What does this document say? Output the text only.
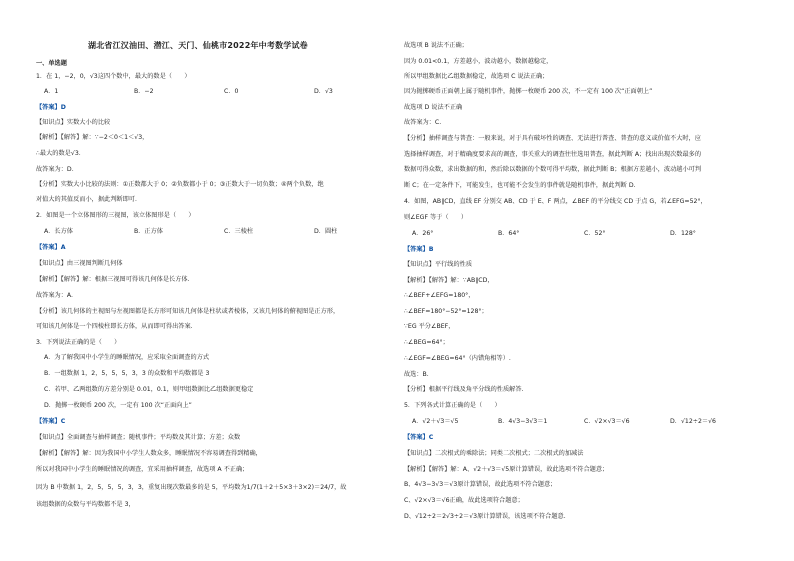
湖北省江汉油田、潜江、天门、仙桃市2022年中考数学试卷
一、单选题
1．在 1，−2，0，√3这四个数中，最大的数是（　　）
A．1	B．−2	C．0	D．√3
【答案】D
【知识点】实数大小的比较
【解析】【解答】解：∵−2＜0＜1＜√3，
∴最大的数是√3．
故答案为：D．
【分析】实数大小比较的法则：①正数都大于 0；②负数都小于 0；③正数大于一切负数；④两个负数，绝
对值大的其值反而小，据此判断即可．
2．如图是一个立体图形的三视图，该立体图形是（　　）
A．长方体	B．正方体	C．三棱柱	D．圆柱
【答案】A
【知识点】由三视图判断几何体
【解析】【解答】解：根据三视图可得该几何体是长方体.
故答案为：A.
【分析】该几何体的主视图与左视图都是长方形可知该几何体是柱状或者棱体，又该几何体的俯视图是正方形，
可知该几何体是一个四棱柱即长方体，从而即可得出答案.
3．下列说法正确的是（　　）
A．为了解我国中小学生的睡眠情况，应采取全面调查的方式
B．一组数据 1，2，5，5，5，3，3 的众数和平均数都是 3
C．若甲、乙两组数的方差分别是 0.01，0.1，则甲组数据比乙组数据更稳定
D．抛掷一枚硬币 200 次，一定有 100 次“正面向上”
【答案】C
【知识点】全面调查与抽样调查；随机事件；平均数及其计算；方差；众数
【解析】【解答】解：因为我国中小学生人数众多，睡眠情况不容易调查得到精确，
所以对我国中小学生的睡眠情况的调查，宜采用抽样调查，故选项 A 不正确；
因为 B 中数据 1，2，5，5，5，3，3，重复出现次数最多的是 5，平均数为1/7(1＋2＋5×3＋3×2)＝24/7，故
该组数据的众数与平均数都不是 3，
故选项 B 说法不正确；
因为 0.01<0.1，方差越小，波动越小，数据越稳定，
所以甲组数据比乙组数据稳定，故选项 C 说法正确；
因为抛掷硬币正面朝上属于随机事件，抛掷一枚硬币 200 次，不一定有 100 次“正面朝上”
故选项 D 说法不正确
故答案为：C.
【分析】抽样调查与普查：一般来说，对于具有破坏性的调查、无法进行普查、普查的意义或价值不大时，应
选择抽样调查，对于精确度要求高的调查，事关重大的调查往往选用普查，据此判断 A；找出出现次数最多的
数据可得众数，求出数据的和，然后除以数据的个数可得平均数，据此判断 B；根据方差越小，波动越小可判
断 C；在一定条件下，可能发生，也可能不会发生的事件就是随机事件，据此判断 D.
4．如图，AB∥CD，直线 EF 分别交 AB、CD 于 E、F 两点，∠BEF 的平分线交 CD 于点 G，若∠EFG=52°，
则∠EGF 等于（　　）
A．26°	B．64°	C．52°	D．128°
【答案】B
【知识点】平行线的性质
【解析】【解答】解：∵AB∥CD，
∴∠BEF+∠EFG=180°，
∴∠BEF=180°−52°=128°；
∵EG 平分∠BEF，
∴∠BEG=64°；
∴∠EGF=∠BEG=64°（内错角相等）.
故选：B.
【分析】根据平行线及角平分线的性质解答.
5．下列各式计算正确的是（　　）
A．√2＋√3＝√5	B．4√3−3√3＝1	C．√2×√3＝√6	D．√12÷2＝√6
【答案】C
【知识点】二次根式的乘除法；同类二次根式；二次根式的加减法
【解析】【解答】解：A、√2＋√3＝√5原计算错误，故此选项不符合题意；
B、4√3−3√3＝√3原计算错误，故此选项不符合题意；
C、√2×√3＝√6正确，故此选项符合题意；
D、√12÷2＝2√3÷2＝√3原计算错误，该选项不符合题意.
